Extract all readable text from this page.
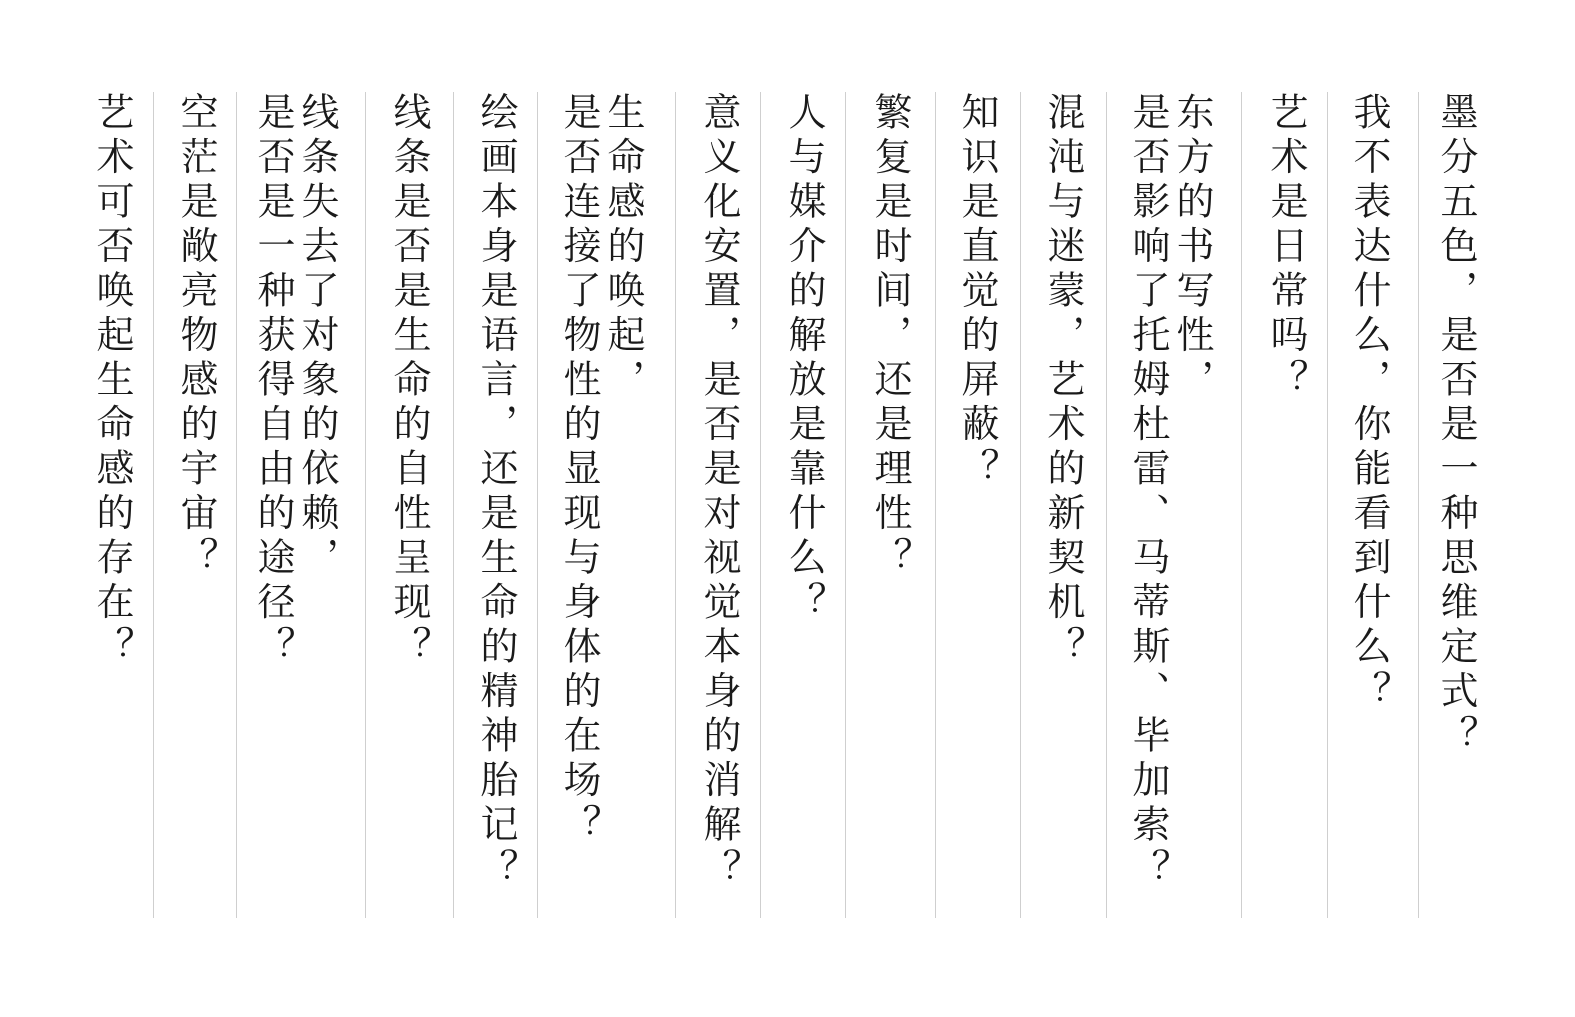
墨分五色，是否是一种思维定式？
我不表达什么，你能看到什么？
艺术是日常吗？
东方的书写性，
是否影响了托姆杜雷、马蒂斯、毕加索？
混沌与迷蒙，艺术的新契机？
知识是直觉的屏蔽？
繁复是时间，还是理性？
人与媒介的解放是靠什么？
意义化安置，是否是对视觉本身的消解？
生命感的唤起，
是否连接了物性的显现与身体的在场？
绘画本身是语言，还是生命的精神胎记？
线条是否是生命的自性呈现？
线条失去了对象的依赖，
是否是一种获得自由的途径？
空茫是敞亮物感的宇宙？
艺术可否唤起生命感的存在？
